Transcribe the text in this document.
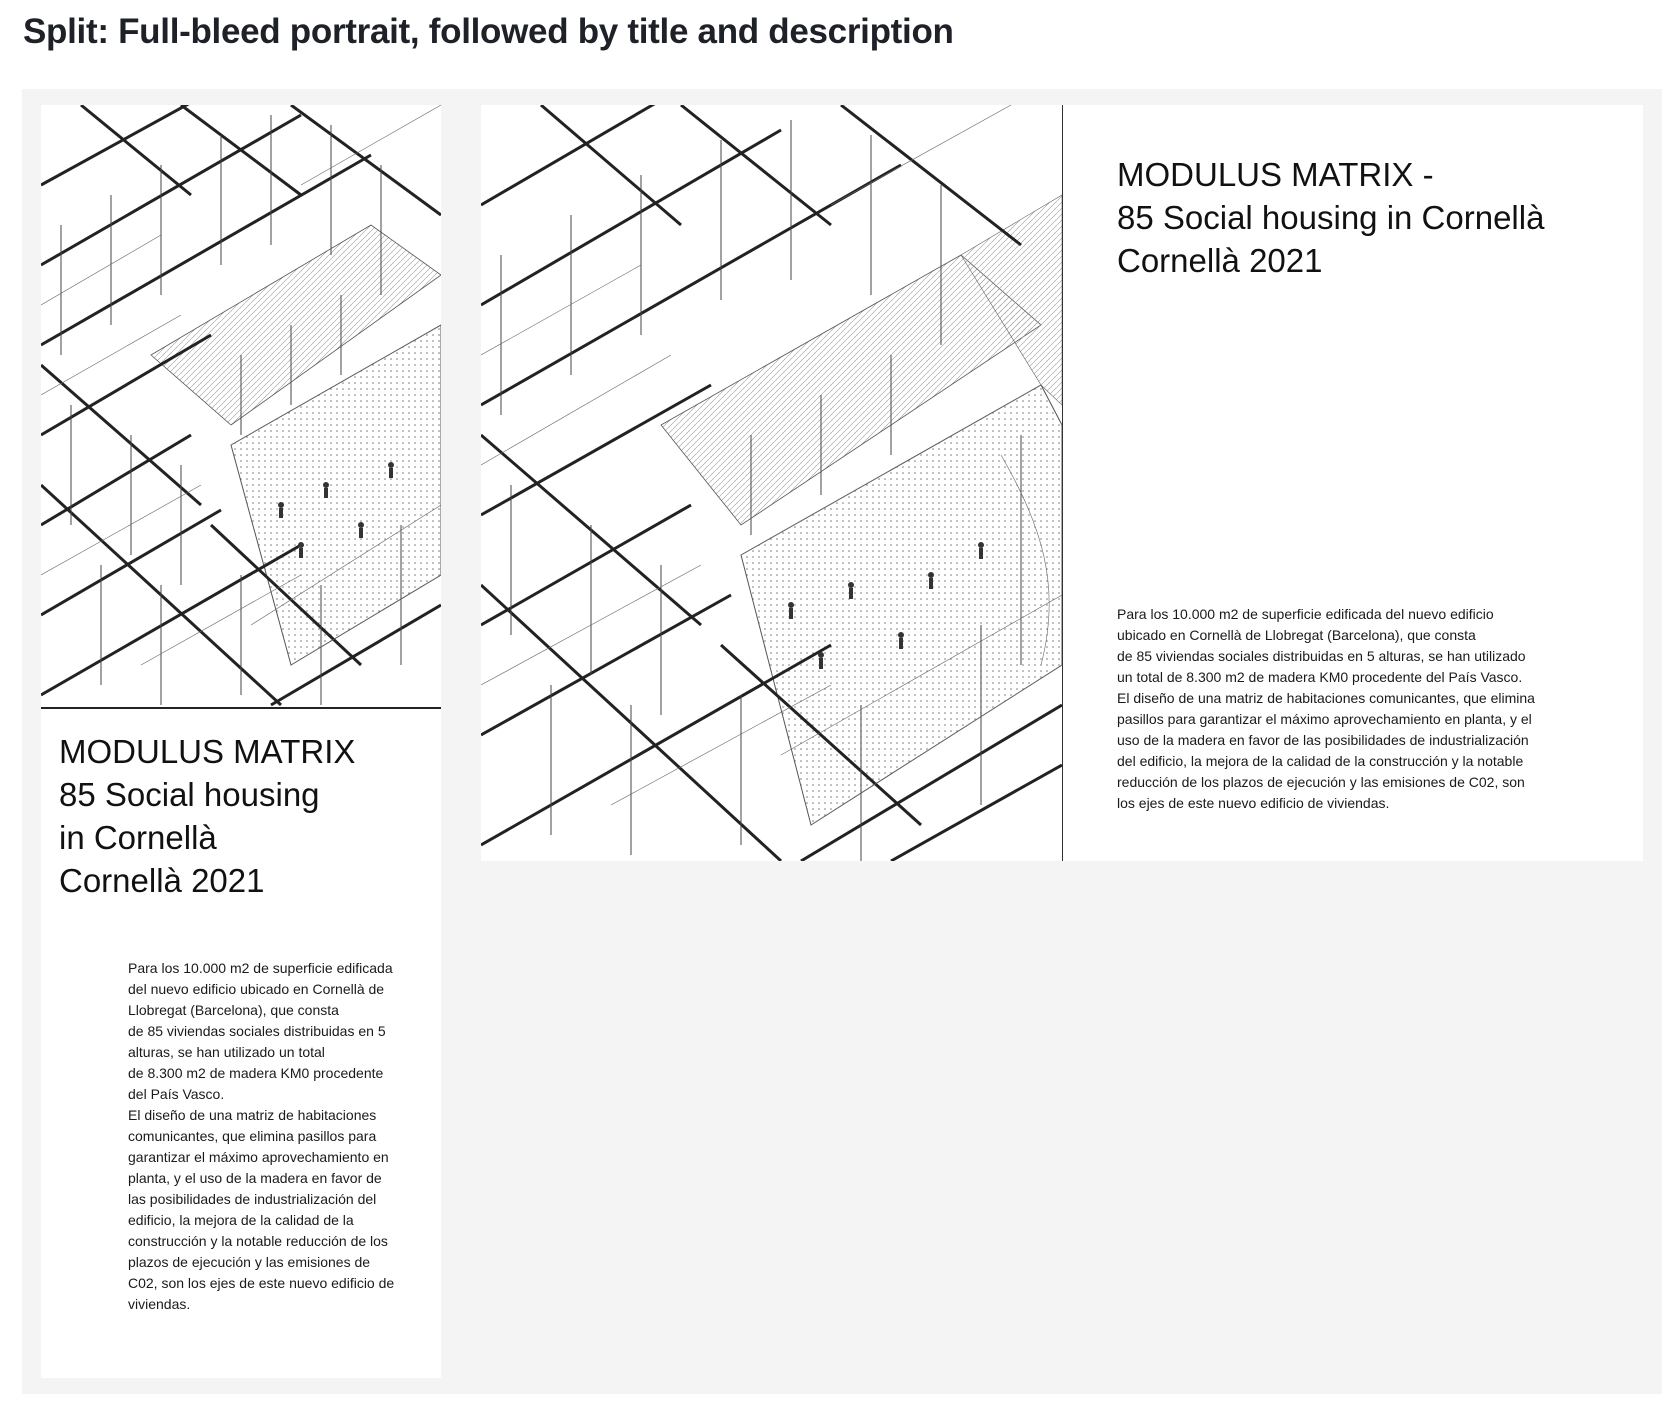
Split: Full-bleed portrait, followed by title and description
MODULUS MATRIX
85 Social housing
in Cornellà
Cornellà 2021

Para los 10.000 m2 de superficie edificada
del nuevo edificio ubicado en Cornellà de
Llobregat (Barcelona), que consta
de 85 viviendas sociales distribuidas en 5
alturas, se han utilizado un total
de 8.300 m2 de madera KM0 procedente
del País Vasco.
El diseño de una matriz de habitaciones
comunicantes, que elimina pasillos para
garantizar el máximo aprovechamiento en
planta, y el uso de la madera en favor de
las posibilidades de industrialización del
edificio, la mejora de la calidad de la
construcción y la notable reducción de los
plazos de ejecución y las emisiones de
C02, son los ejes de este nuevo edificio de
viviendas.

MODULUS MATRIX -
85 Social housing in Cornellà
Cornellà 2021

Para los 10.000 m2 de superficie edificada del nuevo edificio
ubicado en Cornellà de Llobregat (Barcelona), que consta
de 85 viviendas sociales distribuidas en 5 alturas, se han utilizado
un total de 8.300 m2 de madera KM0 procedente del País Vasco.
El diseño de una matriz de habitaciones comunicantes, que elimina
pasillos para garantizar el máximo aprovechamiento en planta, y el
uso de la madera en favor de las posibilidades de industrialización
del edificio, la mejora de la calidad de la construcción y la notable
reducción de los plazos de ejecución y las emisiones de C02, son
los ejes de este nuevo edificio de viviendas.
